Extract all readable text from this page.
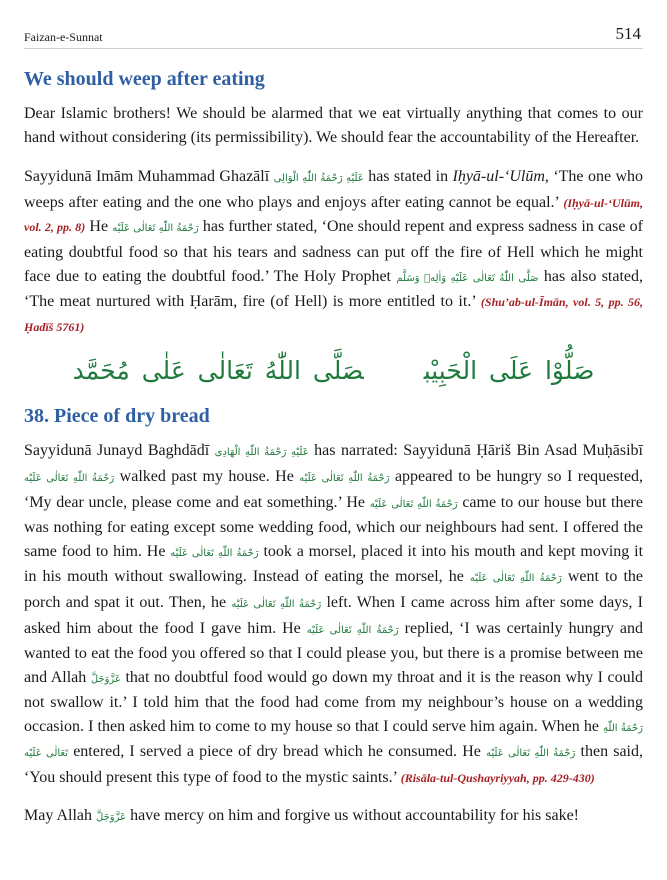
Faizan-e-Sunnat	514
We should weep after eating

Dear Islamic brothers! We should be alarmed that we eat virtually anything that comes to our hand without considering (its permissibility). We should fear the accountability of the Hereafter.

Sayyidunā Imām Muhammad Ghazālī عَلَيْهِ رَحْمَةُ اللّٰهِ الْوَالِى has stated in Iḥyā-ul-‘Ulūm, ‘The one who weeps after eating and the one who plays and enjoys after eating cannot be equal.’ (Iḥyā-ul-‘Ulūm, vol. 2, pp. 8) He رَحْمَةُ اللّٰهِ تَعَالٰى عَلَيْه has further stated, ‘One should repent and express sadness in case of eating doubtful food so that his tears and sadness can put off the fire of Hell which he might face due to eating the doubtful food.’ The Holy Prophet صَلَّى اللّٰهُ تَعَالٰى عَلَيْهِ وَاٰلِهٖ وَسَلَّم has also stated, ‘The meat nurtured with Ḥarām, fire (of Hell) is more entitled to it.’ (Shu’ab-ul-Īmān, vol. 5, pp. 56, Ḥadīš 5761)

صَلُّوْا عَلَى الْحَبِيْبصَلَّى اللّٰهُ تَعَالٰى عَلٰى مُحَمَّد
38. Piece of dry bread

Sayyidunā Junayd Baghdādī عَلَيْهِ رَحْمَةُ اللّٰهِ الْهَادِى has narrated: Sayyidunā Ḥāriš Bin Asad Muḥāsibī رَحْمَةُ اللّٰهِ تَعَالٰى عَلَيْه walked past my house. He رَحْمَةُ اللّٰهِ تَعَالٰى عَلَيْه appeared to be hungry so I requested, ‘My dear uncle, please come and eat something.’ He رَحْمَةُ اللّٰهِ تَعَالٰى عَلَيْه came to our house but there was nothing for eating except some wedding food, which our neighbours had sent. I offered the same food to him. He رَحْمَةُ اللّٰهِ تَعَالٰى عَلَيْه took a morsel, placed it into his mouth and kept moving it in his mouth without swallowing. Instead of eating the morsel, he رَحْمَةُ اللّٰهِ تَعَالٰى عَلَيْه went to the porch and spat it out. Then, he رَحْمَةُ اللّٰهِ تَعَالٰى عَلَيْه left. When I came across him after some days, I asked him about the food I gave him. He رَحْمَةُ اللّٰهِ تَعَالٰى عَلَيْه replied, ‘I was certainly hungry and wanted to eat the food you offered so that I could please you, but there is a promise between me and Allah عَزَّوَجَلَّ that no doubtful food would go down my throat and it is the reason why I could not swallow it.’ I told him that the food had come from my neighbour’s house on a wedding occasion. I then asked him to come to my house so that I could serve him again. When he رَحْمَةُ اللّٰهِ تَعَالٰى عَلَيْه entered, I served a piece of dry bread which he consumed. He رَحْمَةُ اللّٰهِ تَعَالٰى عَلَيْه then said, ‘You should present this type of food to the mystic saints.’ (Risāla-tul-Qushayriyyah, pp. 429-430)

May Allah عَزَّوَجَلَّ have mercy on him and forgive us without accountability for his sake!
